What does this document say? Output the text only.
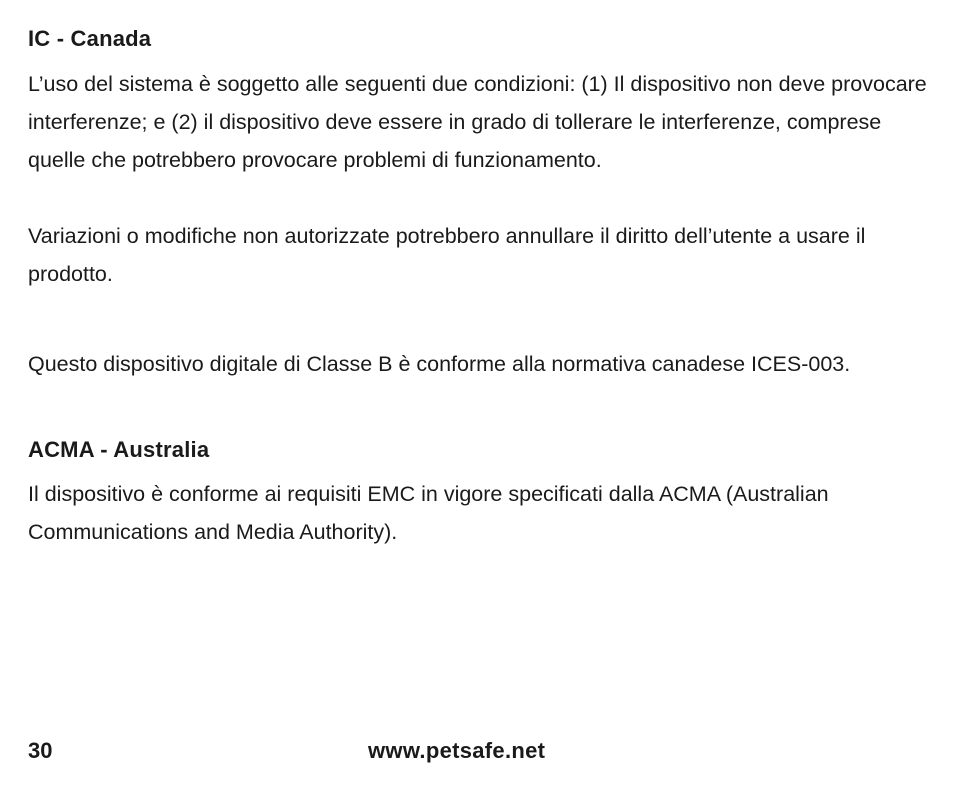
IC - Canada

L’uso del sistema è soggetto alle seguenti due condizioni: (1) Il dispositivo non deve provocare interferenze; e (2) il dispositivo deve essere in grado di tollerare le interferenze, comprese quelle che potrebbero provocare problemi di funzionamento.

Variazioni o modifiche non autorizzate potrebbero annullare il diritto dell’utente a usare il prodotto.

Questo dispositivo digitale di Classe B è conforme alla normativa canadese ICES-003.

ACMA - Australia

Il dispositivo è conforme ai requisiti EMC in vigore specificati dalla ACMA (Australian Communications and Media Authority).

30	www.petsafe.net
